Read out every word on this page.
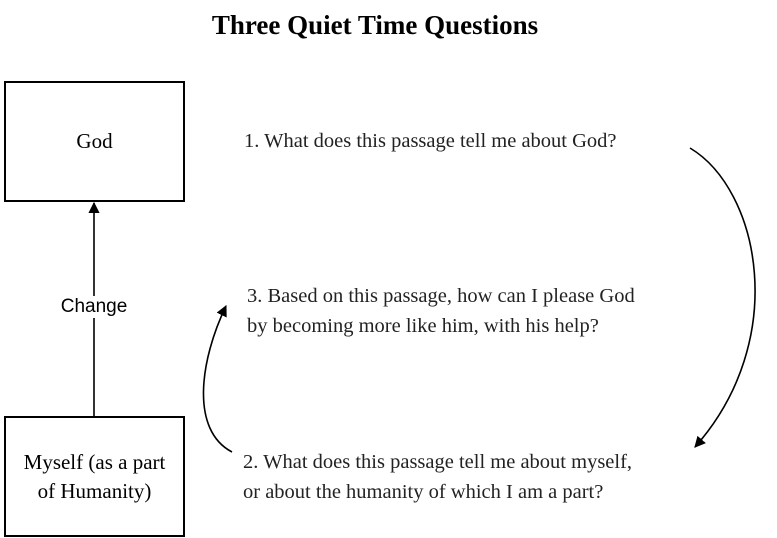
Three Quiet Time Questions
Change
God
Myself (as a part
of Humanity)
1. What does this passage tell me about God?
3. Based on this passage, how can I please God
by becoming more like him, with his help?
2. What does this passage tell me about myself,
or about the humanity of which I am a part?
